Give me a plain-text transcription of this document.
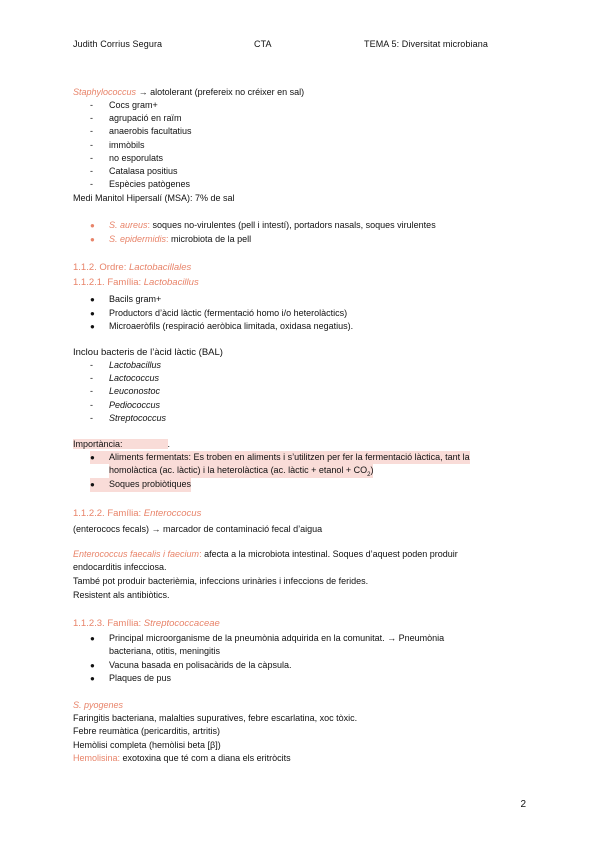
Judith Corrius Segura	CTA	TEMA 5: Diversitat microbiana
Staphylococcus → alotolerant (prefereix no créixer en sal)
-	Cocs gram+
-	agrupació en raïm
-	anaerobis facultatius
-	immòbils
-	no esporulats
-	Catalasa positius
-	Espècies patògenes
Medi Manitol Hipersalí (MSA): 7% de sal
●	S. aureus: soques no-virulentes (pell i intestí), portadors nasals, soques virulentes
●	S. epidermidis: microbiota de la pell
1.1.2. Ordre: Lactobacillales
1.1.2.1. Família: Lactobacillus
●	Bacils gram+
●	Productors d’àcid làctic (fermentació homo i/o heterolàctics)
●	Microaeròfils (respiració aeròbica limitada, oxidasa negatius).
Inclou bacteris de l’àcid làctic (BAL)
-	Lactobacillus
-	Lactococcus
-	Leuconostoc
-	Pediococcus
-	Streptococcus
Importància:	.
●	Aliments fermentats: Es troben en aliments i s’utilitzen per fer la fermentació làctica, tant la
homolàctica (ac. làctic) i la heterolàctica (ac. làctic + etanol + $CO_2$)
●	Soques probiòtiques
1.1.2.2. Família: Enteroccocus
(enterococs fecals) → marcador de contaminació fecal d’aigua
Enterococcus faecalis i faecium: afecta a la microbiota intestinal. Soques d’aquest poden produir
endocarditis infecciosa.
També pot produir bacterièmia, infeccions urinàries i infeccions de ferides.
Resistent als antibiòtics.
1.1.2.3. Família: Streptococcaceae
●	Principal microorganisme de la pneumònia adquirida en la comunitat. → Pneumònia
bacteriana, otitis, meningitis
●	Vacuna basada en polisacàrids de la càpsula.
●	Plaques de pus
S. pyogenes
Faringitis bacteriana, malalties supuratives, febre escarlatina, xoc tòxic.
Febre reumàtica (pericarditis, artritis)
Hemòlisi completa (hemòlisi beta [β])
Hemolisina: exotoxina que té com a diana els eritròcits
2
